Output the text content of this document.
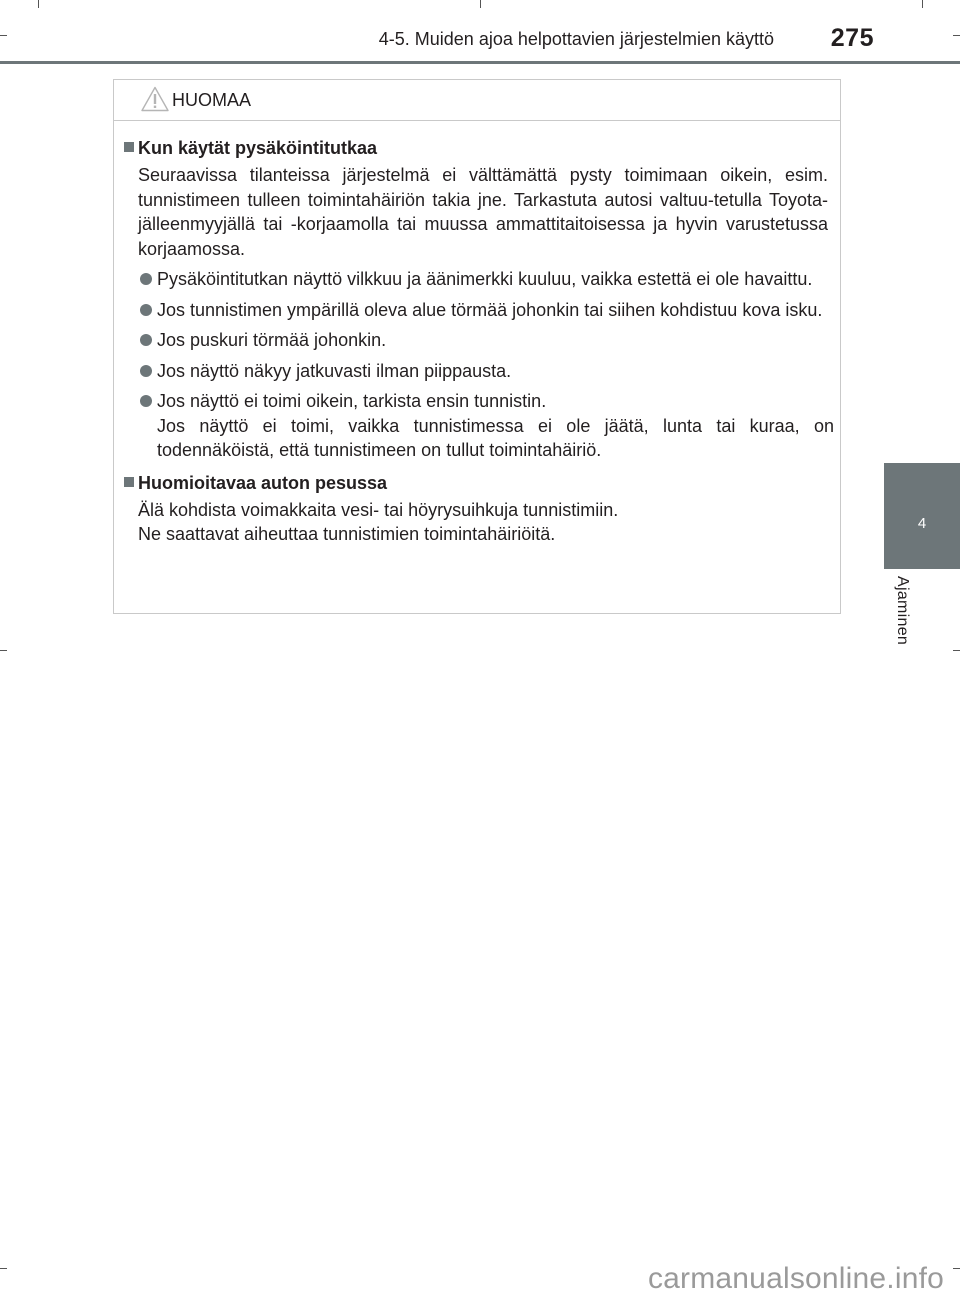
4-5. Muiden ajoa helpottavien järjestelmien käyttö 275
4
Ajaminen
HUOMAA
Kun käytät pysäköintitutkaa
Seuraavissa tilanteissa järjestelmä ei välttämättä pysty toimimaan oikein, esim. tunnistimeen tulleen toimintahäiriön takia jne. Tarkastuta autosi valtuu-tetulla Toyota-jälleenmyyjällä tai -korjaamolla tai muussa ammattitaitoisessa ja hyvin varustetussa korjaamossa.
Pysäköintitutkan näyttö vilkkuu ja äänimerkki kuuluu, vaikka estettä ei ole havaittu.
Jos tunnistimen ympärillä oleva alue törmää johonkin tai siihen kohdistuu kova isku.
Jos puskuri törmää johonkin.
Jos näyttö näkyy jatkuvasti ilman piippausta.
Jos näyttö ei toimi oikein, tarkista ensin tunnistin.
Jos näyttö ei toimi, vaikka tunnistimessa ei ole jäätä, lunta tai kuraa, on todennäköistä, että tunnistimeen on tullut toimintahäiriö.
Huomioitavaa auton pesussa
Älä kohdista voimakkaita vesi- tai höyrysuihkuja tunnistimiin.
Ne saattavat aiheuttaa tunnistimien toimintahäiriöitä.
carmanualsonline.info
